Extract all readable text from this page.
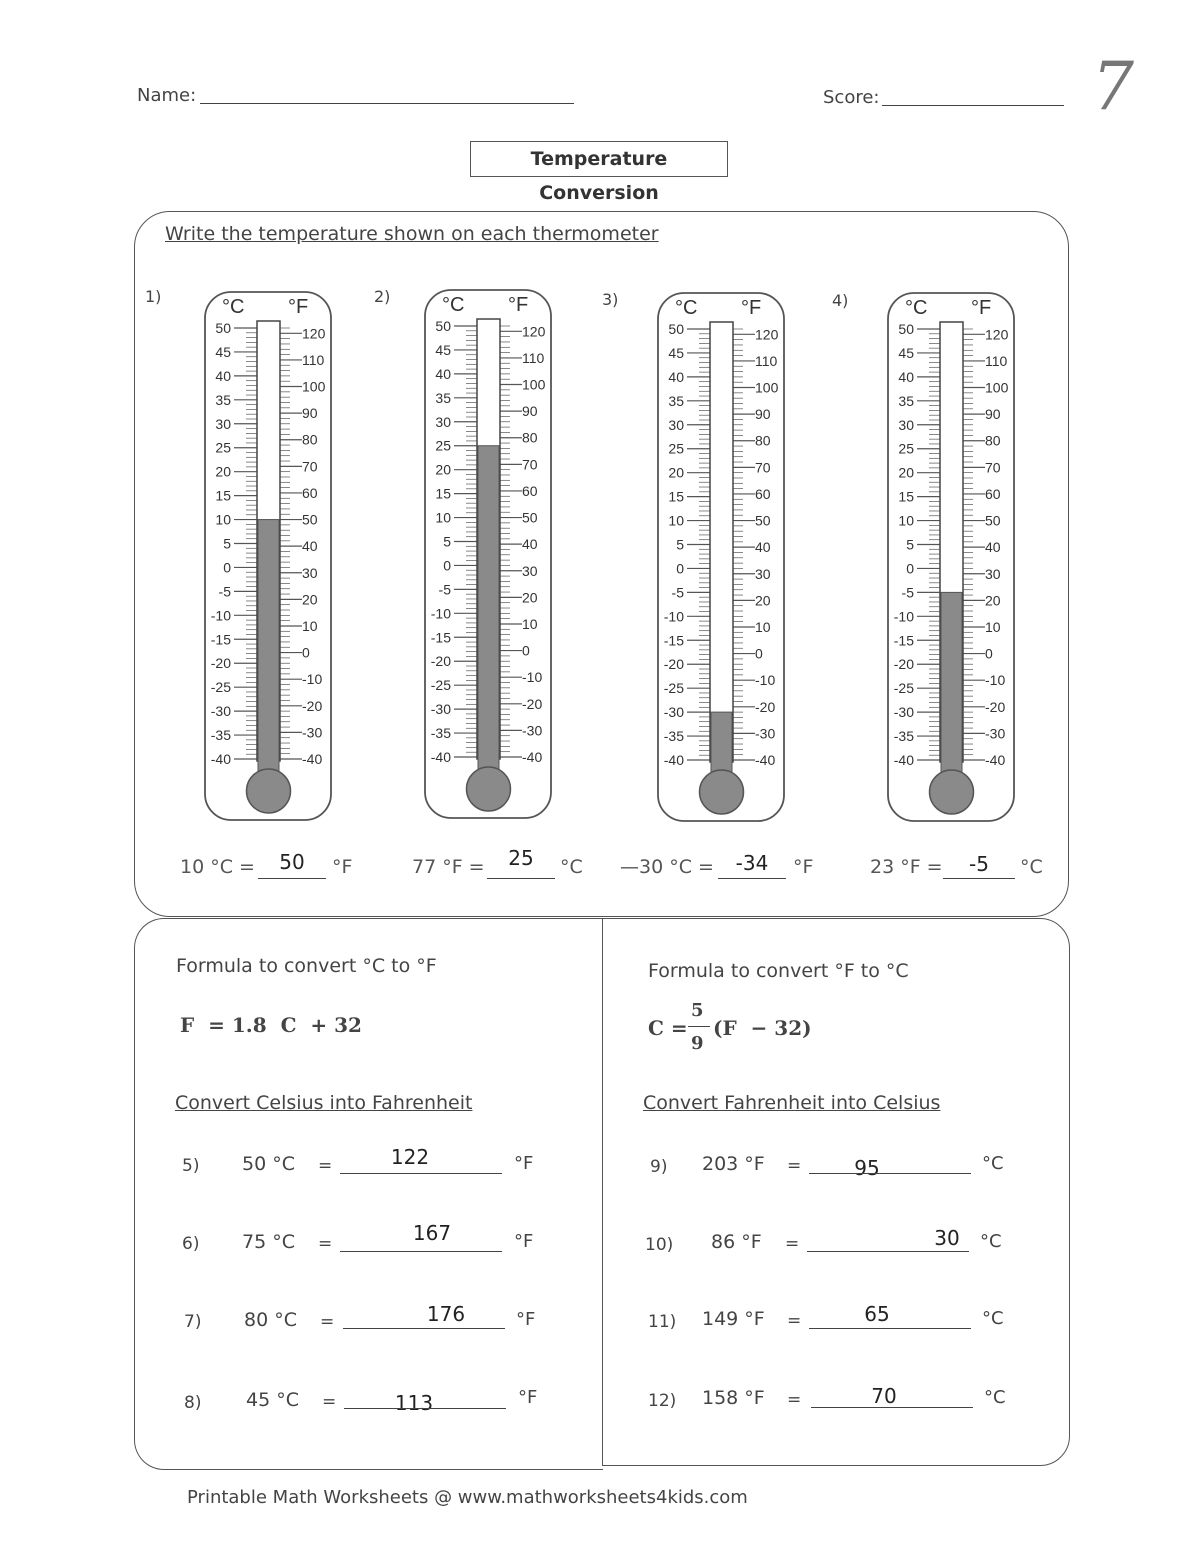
Name:	Score:	7
Temperature Conversion
Write the temperature shown on each thermometer
1)	°C °F
50
45
40
35
30
25
20
15
10
5
0
-5
-10
-15
-20
-25
-30
-35
-40
120
110
100
90
80
70
60
50
40
30
20
10
0
-10
-20
-30
-40
10 °C =	50	°F
2)	°C °F
50
45
40
35
30
25
20
15
10
5
0
-5
-10
-15
-20
-25
-30
-35
-40
120
110
100
90
80
70
60
50
40
30
20
10
0
-10
-20
-30
-40
77 °F =	25	°C
3)	°C °F
50
45
40
35
30
25
20
15
10
5
0
-5
-10
-15
-20
-25
-30
-35
-40
120
110
100
90
80
70
60
50
40
30
20
10
0
-10
-20
-30
-40
—30 °C =	-34	°F
4)	°C °F
50
45
40
35
30
25
20
15
10
5
0
-5
-10
-15
-20
-25
-30
-35
-40
120
110
100
90
80
70
60
50
40
30
20
10
0
-10
-20
-30
-40
23 °F =	-5	°C
Formula to convert °C to °F
F  = 1.8  C  + 32
Formula to convert °F to °C
C =
5
9
(F  − 32)
Convert Celsius into Fahrenheit	Convert Fahrenheit into Celsius
5) 50 °C =	122	°F
6) 75 °C =	167	°F
7) 80 °C =	176	°F
8) 45 °C =	113	°F
9) 203 °F =	95	°C
10) 86 °F =	30	°C
11) 149 °F =	65	°C
12) 158 °F =	70	°C
Printable Math Worksheets @ www.mathworksheets4kids.com
